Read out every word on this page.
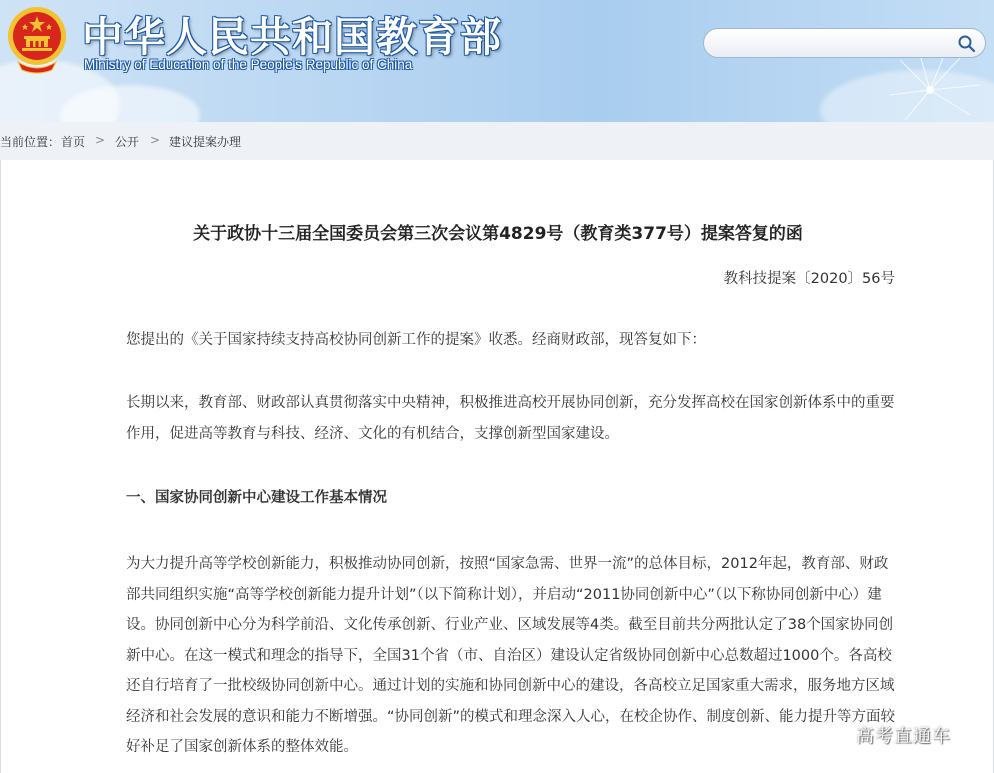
中华人民共和国教育部
Ministry of Education of the People's Republic of China
当前位置： 首页 > 公开 > 建议提案办理
关于政协十三届全国委员会第三次会议第4829号（教育类377号）提案答复的函
教科技提案〔2020〕56号
您提出的《关于国家持续支持高校协同创新工作的提案》收悉。经商财政部，现答复如下：
长期以来，教育部、财政部认真贯彻落实中央精神，积极推进高校开展协同创新，充分发挥高校在国家创新体系中的重要作用，促进高等教育与科技、经济、文化的有机结合，支撑创新型国家建设。
一、国家协同创新中心建设工作基本情况
为大力提升高等学校创新能力，积极推动协同创新，按照“国家急需、世界一流”的总体目标，2012年起，教育部、财政部共同组织实施“高等学校创新能力提升计划”（以下简称计划），并启动“2011协同创新中心”（以下称协同创新中心）建设。协同创新中心分为科学前沿、文化传承创新、行业产业、区域发展等4类。截至目前共分两批认定了38个国家协同创新中心。在这一模式和理念的指导下，全国31个省（市、自治区）建设认定省级协同创新中心总数超过1000个。各高校还自行培育了一批校级协同创新中心。通过计划的实施和协同创新中心的建设，各高校立足国家重大需求，服务地方区域经济和社会发展的意识和能力不断增强。“协同创新”的模式和理念深入人心，在校企协作、制度创新、能力提升等方面较好补足了国家创新体系的整体效能。	高考直通车
